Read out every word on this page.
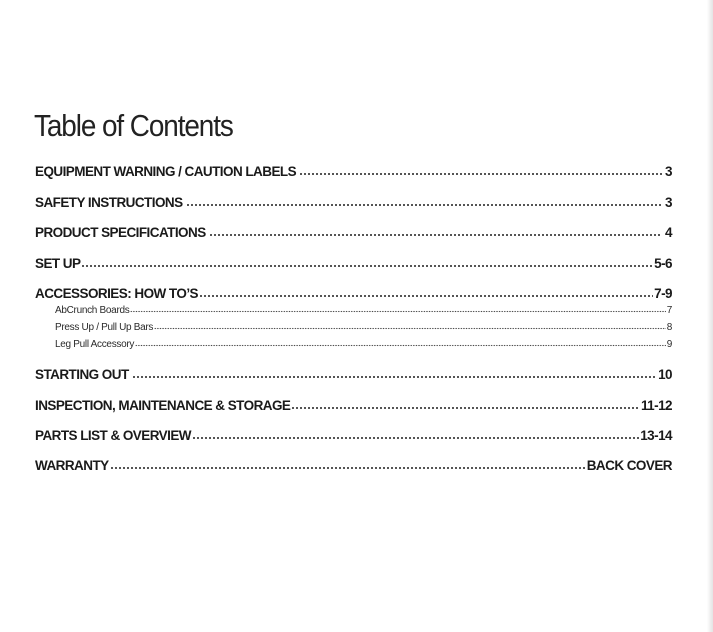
Table of Contents
EQUIPMENT WARNING / CAUTION LABELS	3
SAFETY INSTRUCTIONS	3
PRODUCT SPECIFICATIONS	4
SET UP	5-6
ACCESSORIES: HOW TO’S	7-9
AbCrunch Boards	7
Press Up / Pull Up Bars	8
Leg Pull Accessory	9
STARTING OUT	10
INSPECTION, MAINTENANCE & STORAGE	11-12
PARTS LIST & OVERVIEW	13-14
WARRANTY	BACK COVER
